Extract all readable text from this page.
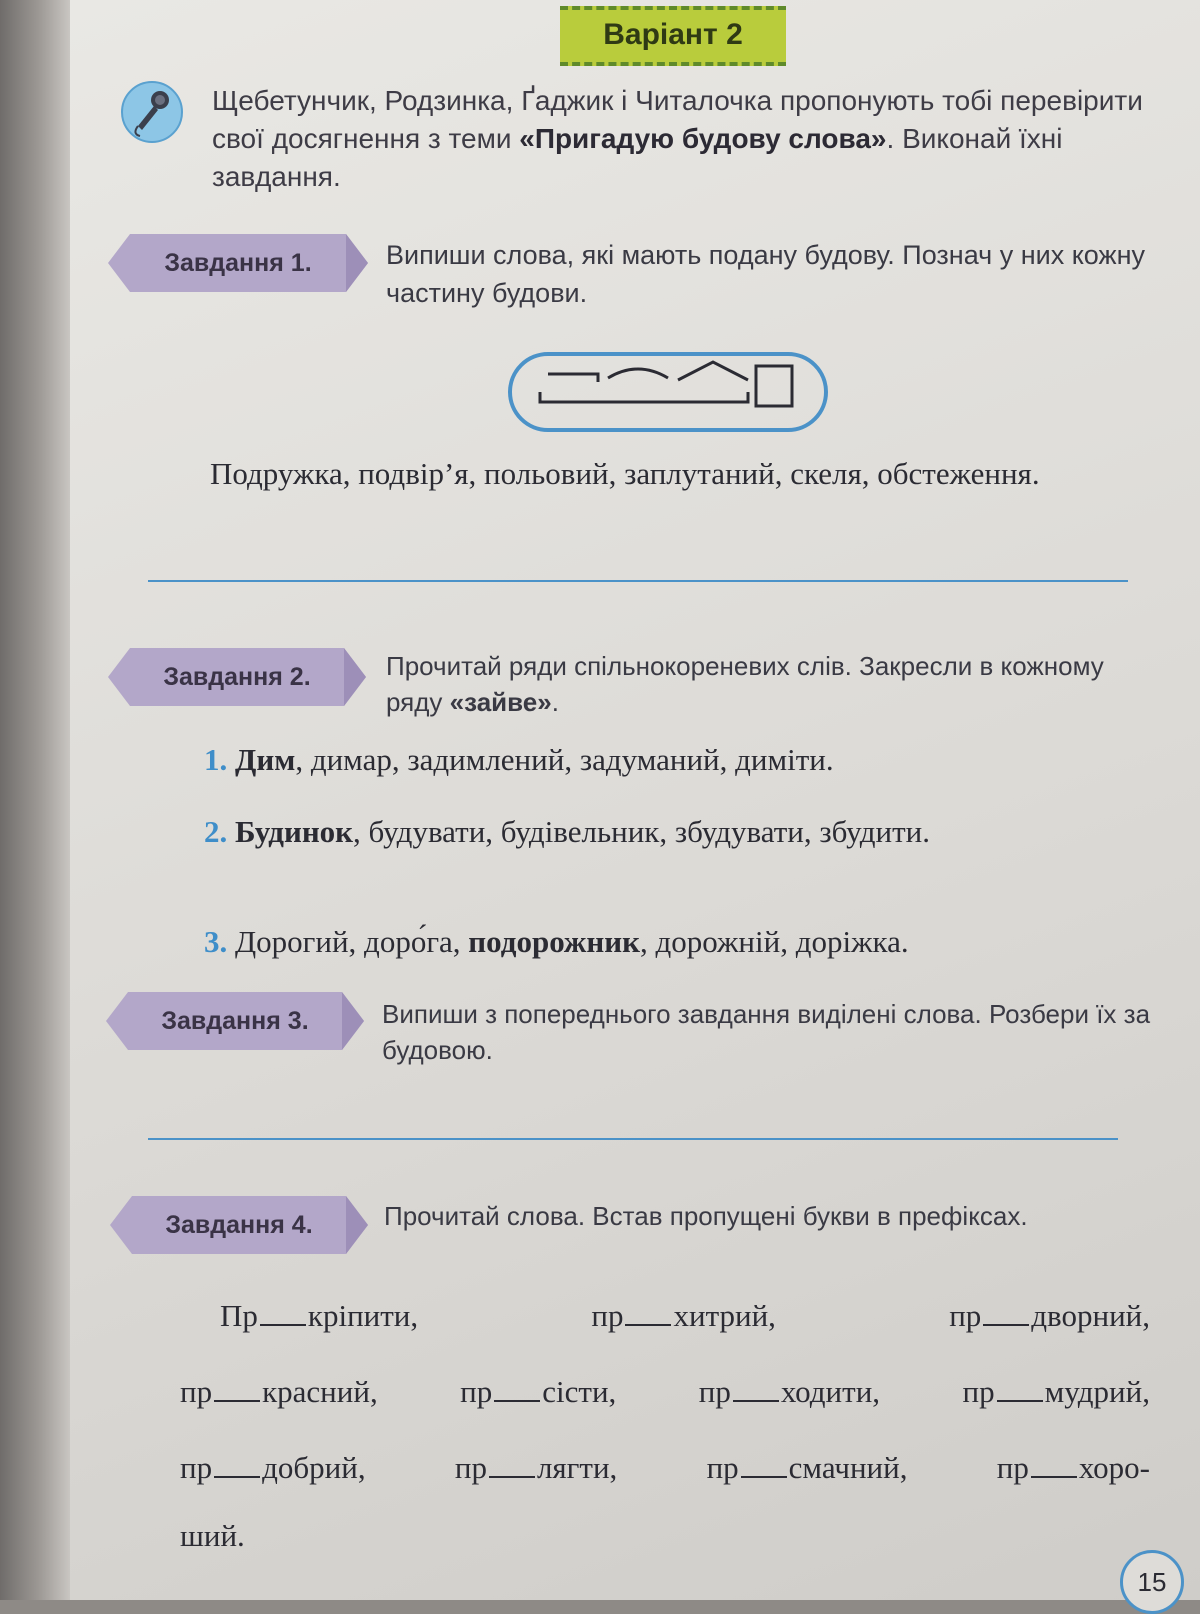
Варіант 2
Щебетунчик, Родзинка, Ґаджик і Читалочка пропонують тобі перевірити свої досягнення з теми «Пригадую будову слова». Виконай їхні завдання.
Завдання 1.	Випиши слова, які мають подану будову. Познач у них кожну частину будови.
Подружка, подвір’я, польовий, заплутаний, скеля, обстеження.
Завдання 2.	Прочитай ряди спільнокореневих слів. Закресли в кожному ряду «зайве».
1. Дим, димар, задимлений, задуманий, диміти.
2. Будинок, будувати, будівельник, збудувати, збудити.
3. Дорогий, доро́га, подорожник, дорожній, доріжка.
Завдання 3.	Випиши з попереднього завдання виділені слова. Розбери їх за будовою.
Завдання 4.	Прочитай слова. Встав пропущені букви в префіксах.
Пр кріпити,	пр хитрий,	пр дворний,
пр красний,	пр сісти,	пр ходити,	пр мудрий,
пр добрий,	пр лягти,	пр смачний,	пр хоро-
ший.
15
